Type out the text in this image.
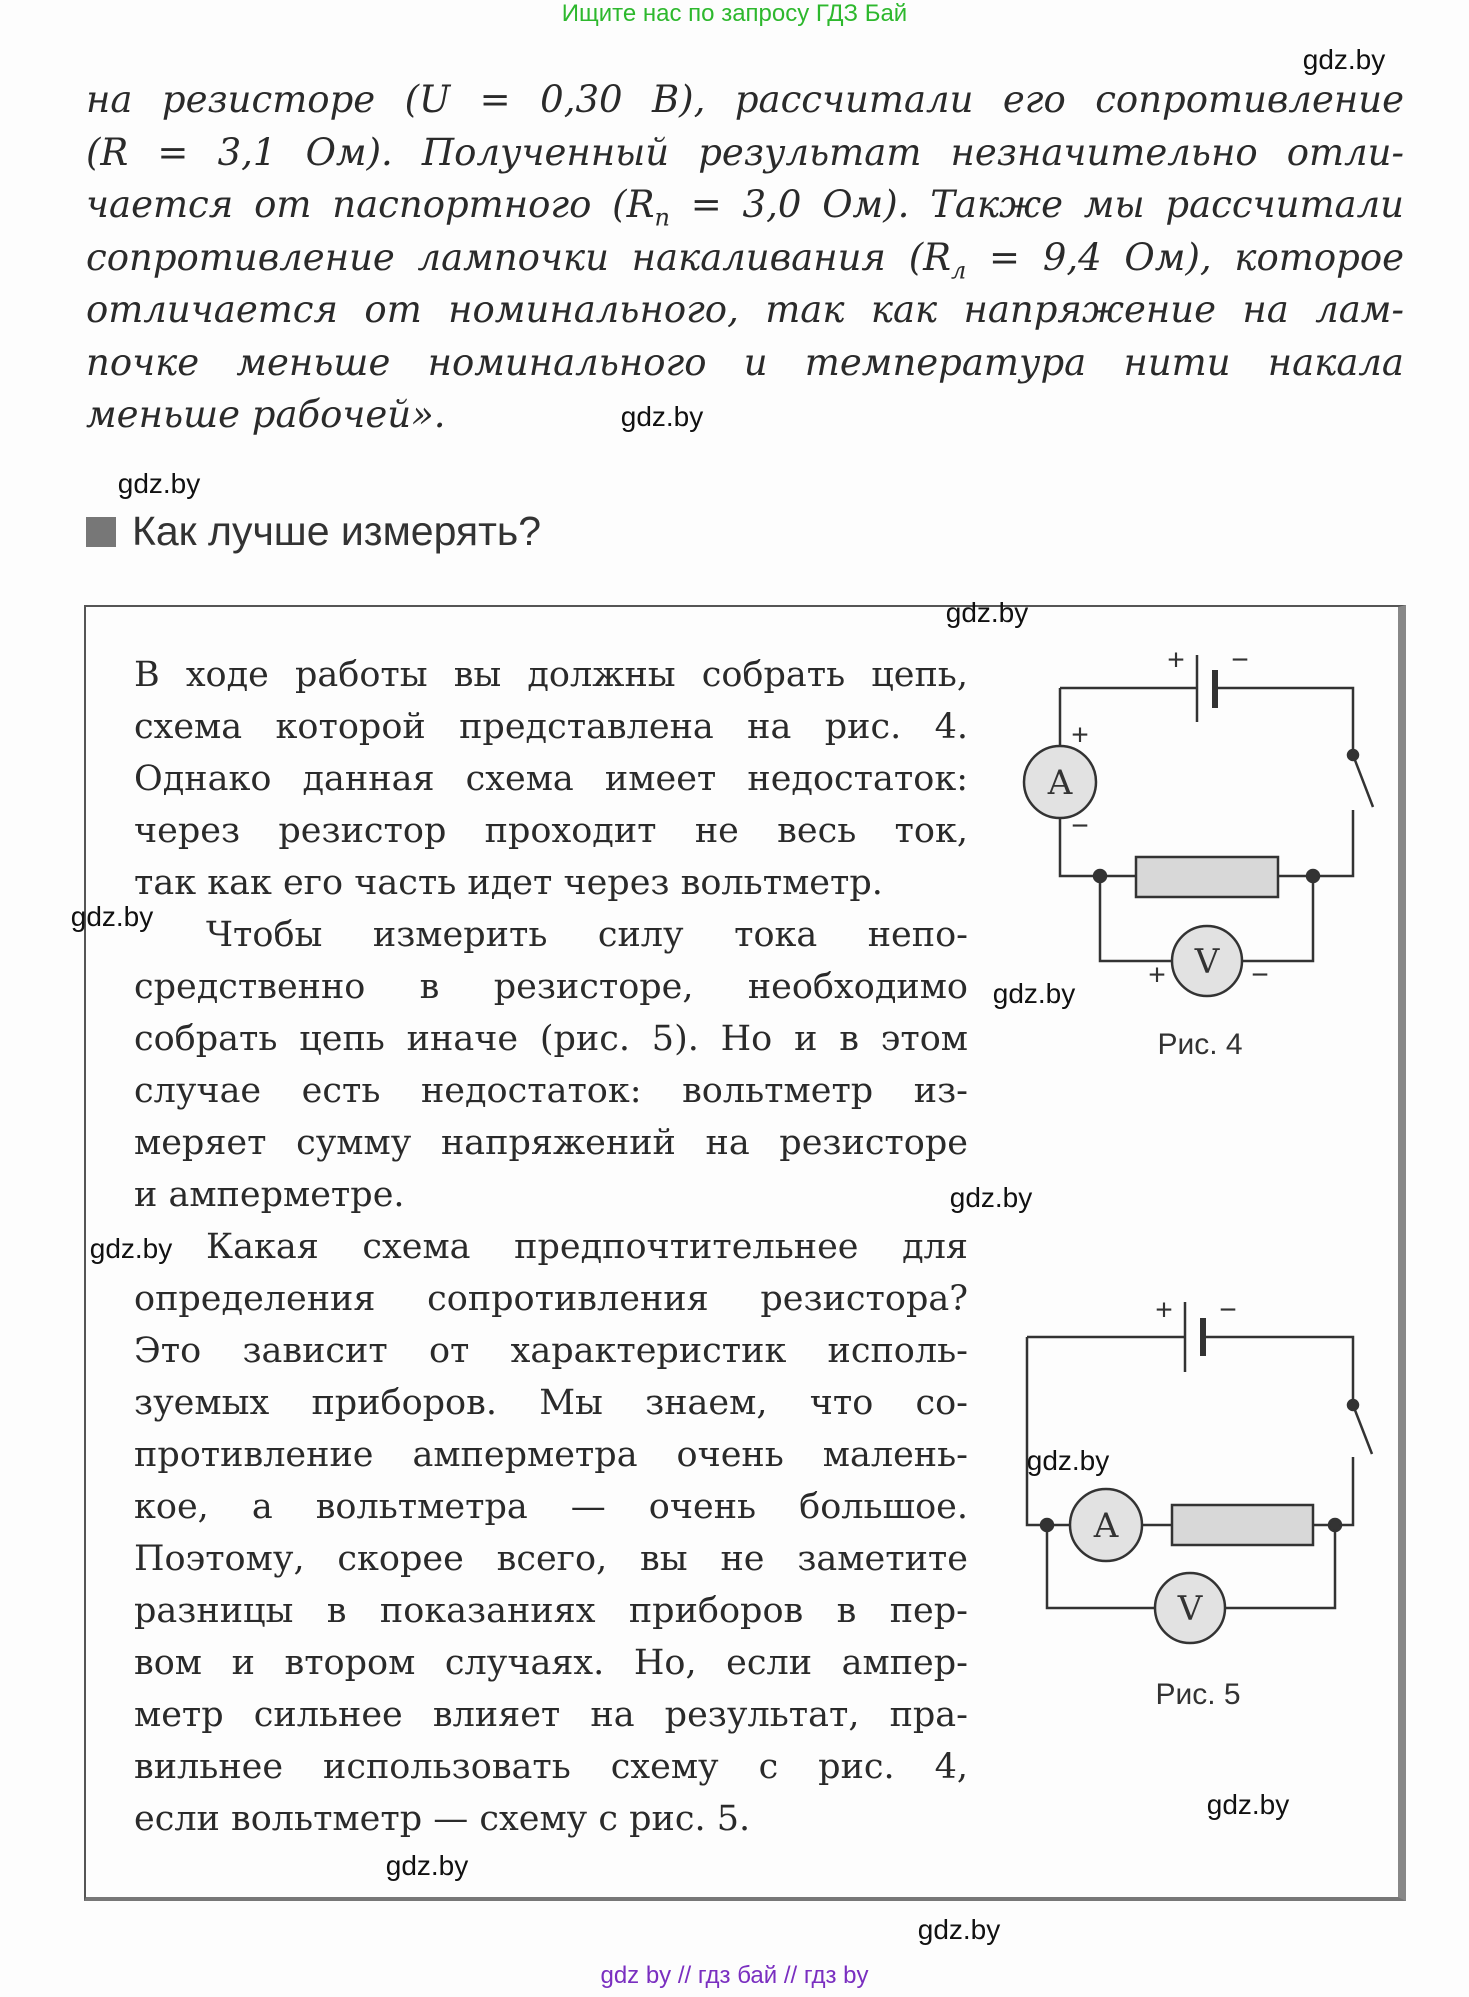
Ищите нас по запросу ГДЗ Бай
на резисторе (U = 0,30 В), рассчитали его сопротивление
(R = 3,1 Ом). Полученный результат незначительно отли-
чается от паспортного ($R_п = 3,0$ Ом). Также мы рассчитали
сопротивление лампочки накаливания ($R_л = 9,4$ Ом), которое
отличается от номинального, так как напряжение на лам-
почке меньше номинального и температура нити накала
меньше рабочей».
Как лучше измерять?
В ходе работы вы должны собрать цепь,
схема которой представлена на рис. 4.
Однако данная схема имеет недостаток:
через резистор проходит не весь ток,
так как его часть идет через вольтметр.
Чтобы измерить силу тока непо-
средственно в резисторе, необходимо
собрать цепь иначе (рис. 5). Но и в этом
случае есть недостаток: вольтметр из-
меряет сумму напряжений на резисторе
и амперметре.
Какая схема предпочтительнее для
определения сопротивления резистора?
Это зависит от характеристик исполь-
зуемых приборов. Мы знаем, что со-
противление амперметра очень малень-
кое, а вольтметра — очень большое.
Поэтому, скорее всего, вы не заметите
разницы в показаниях приборов в пер-
вом и втором случаях. Но, если ампер-
метр сильнее влияет на результат, пра-
вильнее использовать схему с рис. 4,
если вольтметр — схему с рис. 5.
A
V
A
V
+ −
+
−
+	−
+ −
Рис. 4
Рис. 5
gdz.by
gdz.by
gdz.by
gdz.by
gdz.by
gdz.by
gdz.by
gdz.by
gdz.by
gdz.by
gdz.by
gdz.by
gdz by // гдз бай // гдз by
